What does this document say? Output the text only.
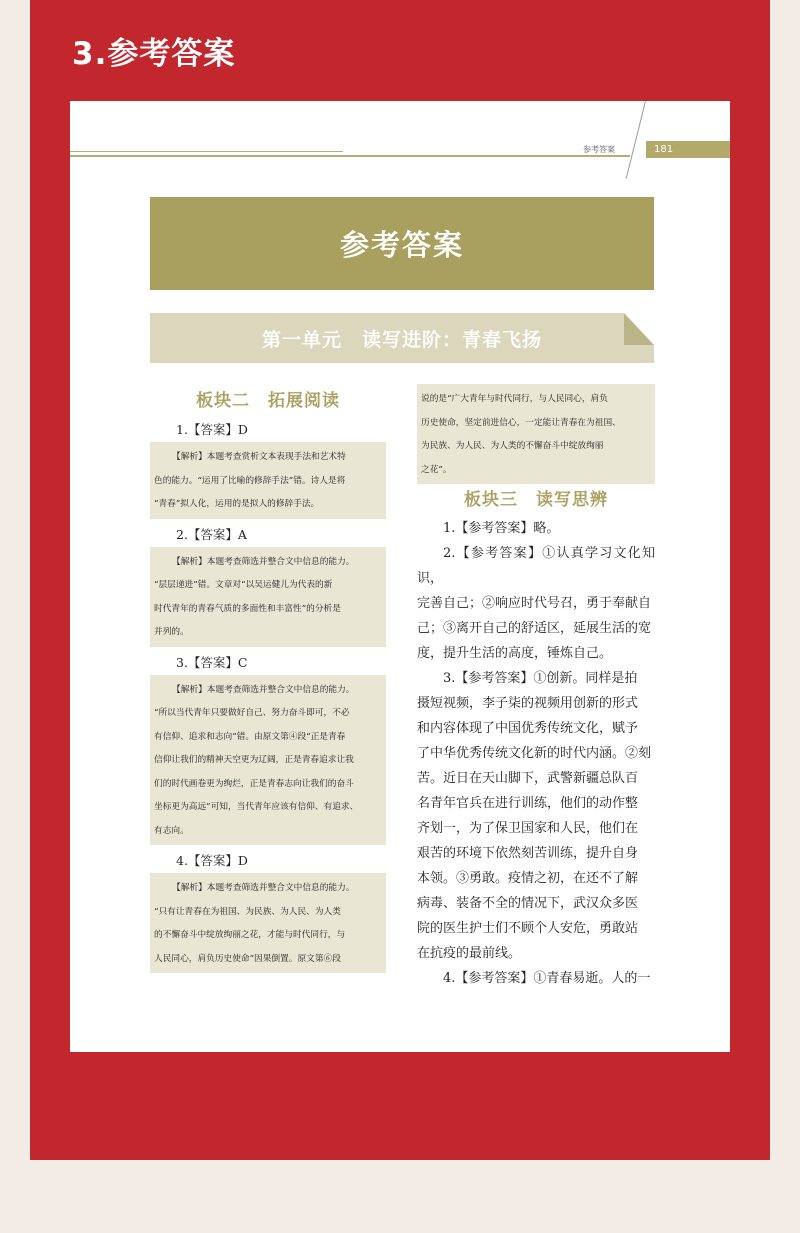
3.参考答案
参考答案	181
参考答案
第一单元　读写进阶：青春飞扬
板块二　拓展阅读
1.【答案】D
【解析】本题考查赏析文本表现手法和艺术特
色的能力。“运用了比喻的修辞手法”错。诗人是将
“青春”拟人化，运用的是拟人的修辞手法。
2.【答案】A
【解析】本题考查筛选并整合文中信息的能力。
“层层递进”错。文章对“以吴运健儿为代表的新
时代青年的青春气质的多面性和丰富性”的分析是
并列的。
3.【答案】C
【解析】本题考查筛选并整合文中信息的能力。
“所以当代青年只要做好自己、努力奋斗即可，不必
有信仰、追求和志向”错。由原文第④段“正是青春
信仰让我们的精神天空更为辽阔，正是青春追求让我
们的时代画卷更为绚烂，正是青春志向让我们的奋斗
坐标更为高远”可知，当代青年应该有信仰、有追求、
有志向。
4.【答案】D
【解析】本题考查筛选并整合文中信息的能力。
“只有让青春在为祖国、为民族、为人民、为人类
的不懈奋斗中绽放绚丽之花，才能与时代同行，与
人民同心，肩负历史使命”因果倒置。原文第⑥段
说的是“广大青年与时代同行，与人民同心，肩负
历史使命，坚定前进信心，一定能让青春在为祖国、
为民族、为人民、为人类的不懈奋斗中绽放绚丽
之花”。
板块三　读写思辨
1.【参考答案】略。
2.【参考答案】①认真学习文化知识，
完善自己；②响应时代号召，勇于奉献自
己；③离开自己的舒适区，延展生活的宽
度，提升生活的高度，锤炼自己。
3.【参考答案】①创新。同样是拍
摄短视频，李子柒的视频用创新的形式
和内容体现了中国优秀传统文化，赋予
了中华优秀传统文化新的时代内涵。②刻
苦。近日在天山脚下，武警新疆总队百
名青年官兵在进行训练，他们的动作整
齐划一，为了保卫国家和人民，他们在
艰苦的环境下依然刻苦训练，提升自身
本领。③勇敢。疫情之初，在还不了解
病毒、装备不全的情况下，武汉众多医
院的医生护士们不顾个人安危，勇敢站
在抗疫的最前线。
4.【参考答案】①青春易逝。人的一
